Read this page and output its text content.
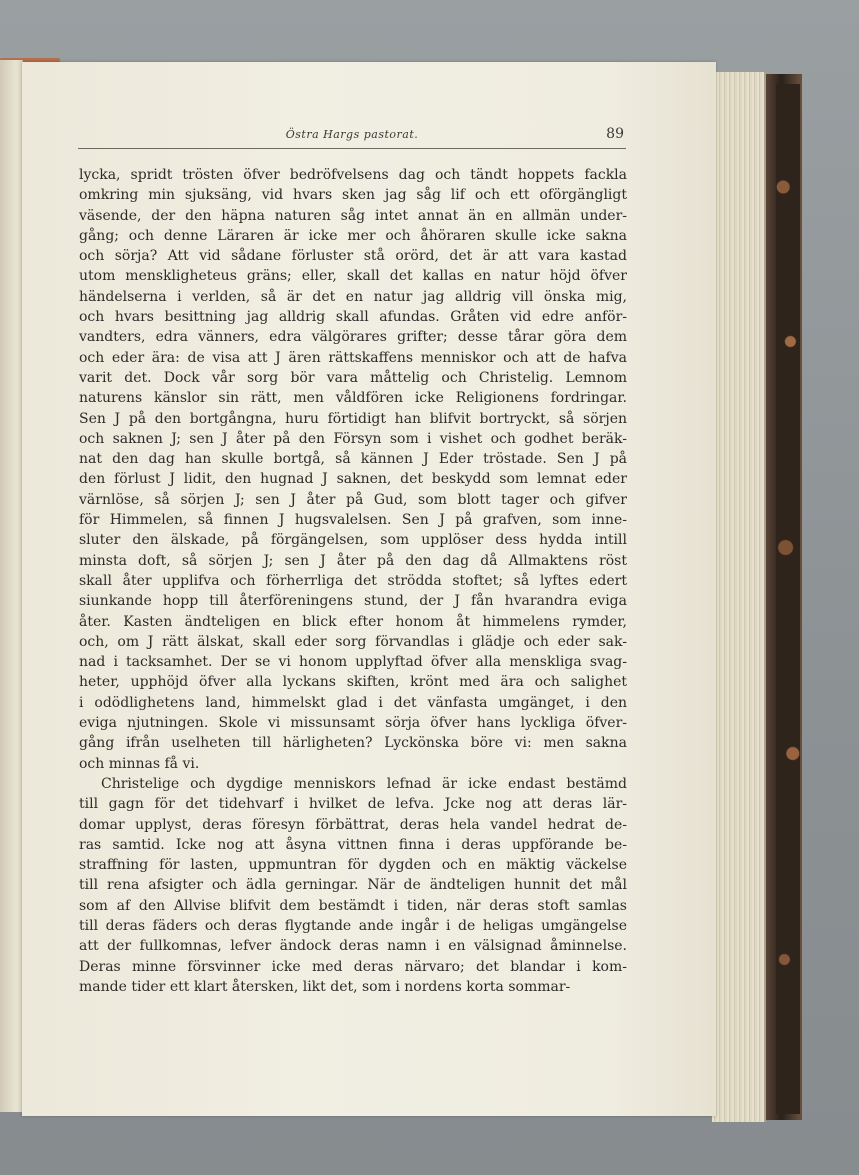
Östra Hargs pastorat.	89
lycka, spridt trösten öfver bedröfvelsens dag och tändt hoppets fackla
omkring min sjuksäng, vid hvars sken jag såg lif och ett oförgängligt
väsende, der den häpna naturen såg intet annat än en allmän under-
gång; och denne Läraren är icke mer och åhöraren skulle icke sakna
och sörja? Att vid sådane förluster stå orörd, det är att vara kastad
utom menskligheteus gräns; eller, skall det kallas en natur höjd öfver
händelserna i verlden, så är det en natur jag alldrig vill önska mig,
och hvars besittning jag alldrig skall afundas. Gråten vid edre anför-
vandters, edra vänners, edra välgörares grifter; desse tårar göra dem
och eder ära: de visa att J ären rättskaffens menniskor och att de hafva
varit det. Dock vår sorg bör vara måttelig och Christelig. Lemnom
naturens känslor sin rätt, men våldfören icke Religionens fordringar.
Sen J på den bortgångna, huru förtidigt han blifvit bortryckt, så sörjen
och saknen J; sen J åter på den Försyn som i vishet och godhet beräk-
nat den dag han skulle bortgå, så kännen J Eder tröstade. Sen J på
den förlust J lidit, den hugnad J saknen, det beskydd som lemnat eder
värnlöse, så sörjen J; sen J åter på Gud, som blott tager och gifver
för Himmelen, så finnen J hugsvalelsen. Sen J på grafven, som inne-
sluter den älskade, på förgängelsen, som upplöser dess hydda intill
minsta doft, så sörjen J; sen J åter på den dag då Allmaktens röst
skall åter upplifva och förherrliga det strödda stoftet; så lyftes edert
siunkande hopp till återföreningens stund, der J fån hvarandra eviga
åter. Kasten ändteligen en blick efter honom åt himmelens rymder,
och, om J rätt älskat, skall eder sorg förvandlas i glädje och eder sak-
nad i tacksamhet. Der se vi honom upplyftad öfver alla menskliga svag-
heter, upphöjd öfver alla lyckans skiften, krönt med ära och salighet
i odödlighetens land, himmelskt glad i det vänfasta umgänget, i den
eviga njutningen. Skole vi missunsamt sörja öfver hans lyckliga öfver-
gång ifrån uselheten till härligheten? Lyckönska böre vi: men sakna
och minnas få vi.
Christelige och dygdige menniskors lefnad är icke endast bestämd
till gagn för det tidehvarf i hvilket de lefva. Jcke nog att deras lär-
domar upplyst, deras föresyn förbättrat, deras hela vandel hedrat de-
ras samtid. Icke nog att åsyna vittnen finna i deras uppförande be-
straffning för lasten, uppmuntran för dygden och en mäktig väckelse
till rena afsigter och ädla gerningar. När de ändteligen hunnit det mål
som af den Allvise blifvit dem bestämdt i tiden, när deras stoft samlas
till deras fäders och deras flygtande ande ingår i de heligas umgängelse
att der fullkomnas, lefver ändock deras namn i en välsignad åminnelse.
Deras minne försvinner icke med deras närvaro; det blandar i kom-
mande tider ett klart återsken, likt det, som i nordens korta sommar-
